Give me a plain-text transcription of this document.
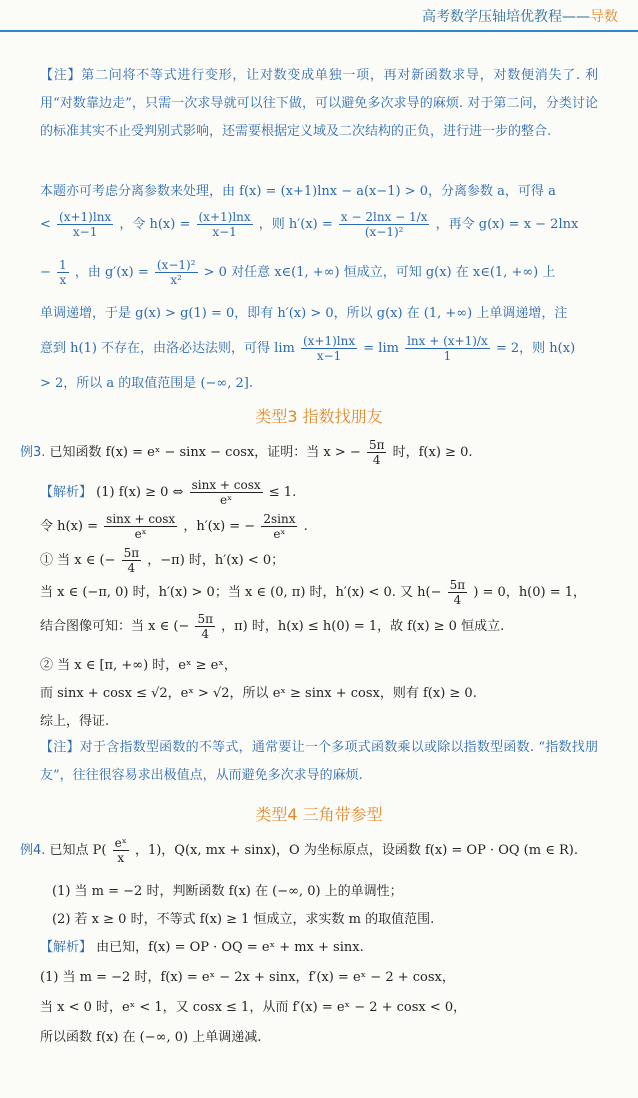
高考数学压轴培优教程——导数
【注】第二问将不等式进行变形，让对数变成单独一项，再对新函数求导，对数便消失了. 利用“对数靠边走”，只需一次求导就可以往下做，可以避免多次求导的麻烦. 对于第二问，分类讨论的标准其实不止受判别式影响，还需要根据定义域及二次结构的正负，进行进一步的整合.
本题亦可考虑分离参数来处理，由 f(x) = (x+1)lnx − a(x−1) > 0，分离参数 a，可得 a
< $\frac{(x+1)\ln x}{x-1}$ ，令 $h(x) = \frac{(x+1)\ln x}{x-1}$ ，则 $h'(x) = \frac{x - 2\ln x - 1/x}{\text{(x−1)²}}$ ，再令 g(x) = x − 2lnx
− $\frac{1}{x}$ ，由 $g'(x) = \frac{\text{(x−1)²}}{\text{x²}} > 0$ 对任意 x∈(1, +∞) 恒成立，可知 g(x) 在 x∈(1, +∞) 上
单调递增，于是 g(x) > g(1) = 0，即有 h′(x) > 0，所以 g(x) 在 (1, +∞) 上单调递增，注
意到 h(1) 不存在，由洛必达法则，可得 $\lim \frac{(x+1)\ln x}{x-1} = \lim \frac{\ln x + (x+1)/x}{1} = 2$，则 h(x)
> 2，所以 a 的取值范围是 (−∞, 2].
类型3 指数找朋友
例3. 已知函数 f(x) = eˣ − sinx − cosx，证明：当 x > − $\frac{5\pi}{4}$ 时，f(x) ≥ 0.
【解析】 (1) f(x) ≥ 0 ⇔ $\frac{\sin x + \cos x}{\text{eˣ}} \le 1$.
令 $h(x) = \frac{\sin x + \cos x}{\text{eˣ}}$ ，h′(x) = − $\frac{2\sin x}{\text{eˣ}}$ .
① 当 x ∈ (− $\frac{5\pi}{4}$ ，−π) 时，h′(x) < 0；
当 x ∈ (−π, 0) 时，h′(x) > 0；当 x ∈ (0, π) 时，h′(x) < 0. 又 $h(- \frac{5\pi}{4}$ ) = 0，h(0) = 1，
结合图像可知：当 x ∈ (− $\frac{5\pi}{4}$ ，π) 时，h(x) ≤ h(0) = 1，故 f(x) ≥ 0 恒成立.
② 当 x ∈ [π, +∞) 时，eˣ ≥ eˣ，
而 sinx + cosx ≤ √2，eˣ > √2，所以 eˣ ≥ sinx + cosx，则有 f(x) ≥ 0.
综上，得证.
【注】对于含指数型函数的不等式，通常要让一个多项式函数乘以或除以指数型函数. “指数找朋友”，往往很容易求出极值点，从而避免多次求导的麻烦.
类型4 三角带参型
例4. 已知点 $P( \frac{\text{eˣ}}{x}$ ，1)，Q(x, mx + sinx)，O 为坐标原点，设函数 f(x) = OP · OQ (m ∈ R).
(1) 当 m = −2 时，判断函数 f(x) 在 (−∞, 0) 上的单调性；
(2) 若 x ≥ 0 时，不等式 f(x) ≥ 1 恒成立，求实数 m 的取值范围.
【解析】 由已知，f(x) = OP · OQ = eˣ + mx + sinx.
(1) 当 m = −2 时，f(x) = eˣ − 2x + sinx，f′(x) = eˣ − 2 + cosx，
当 x < 0 时，eˣ < 1，又 cosx ≤ 1，从而 f′(x) = eˣ − 2 + cosx < 0，
所以函数 f(x) 在 (−∞, 0) 上单调递减.
